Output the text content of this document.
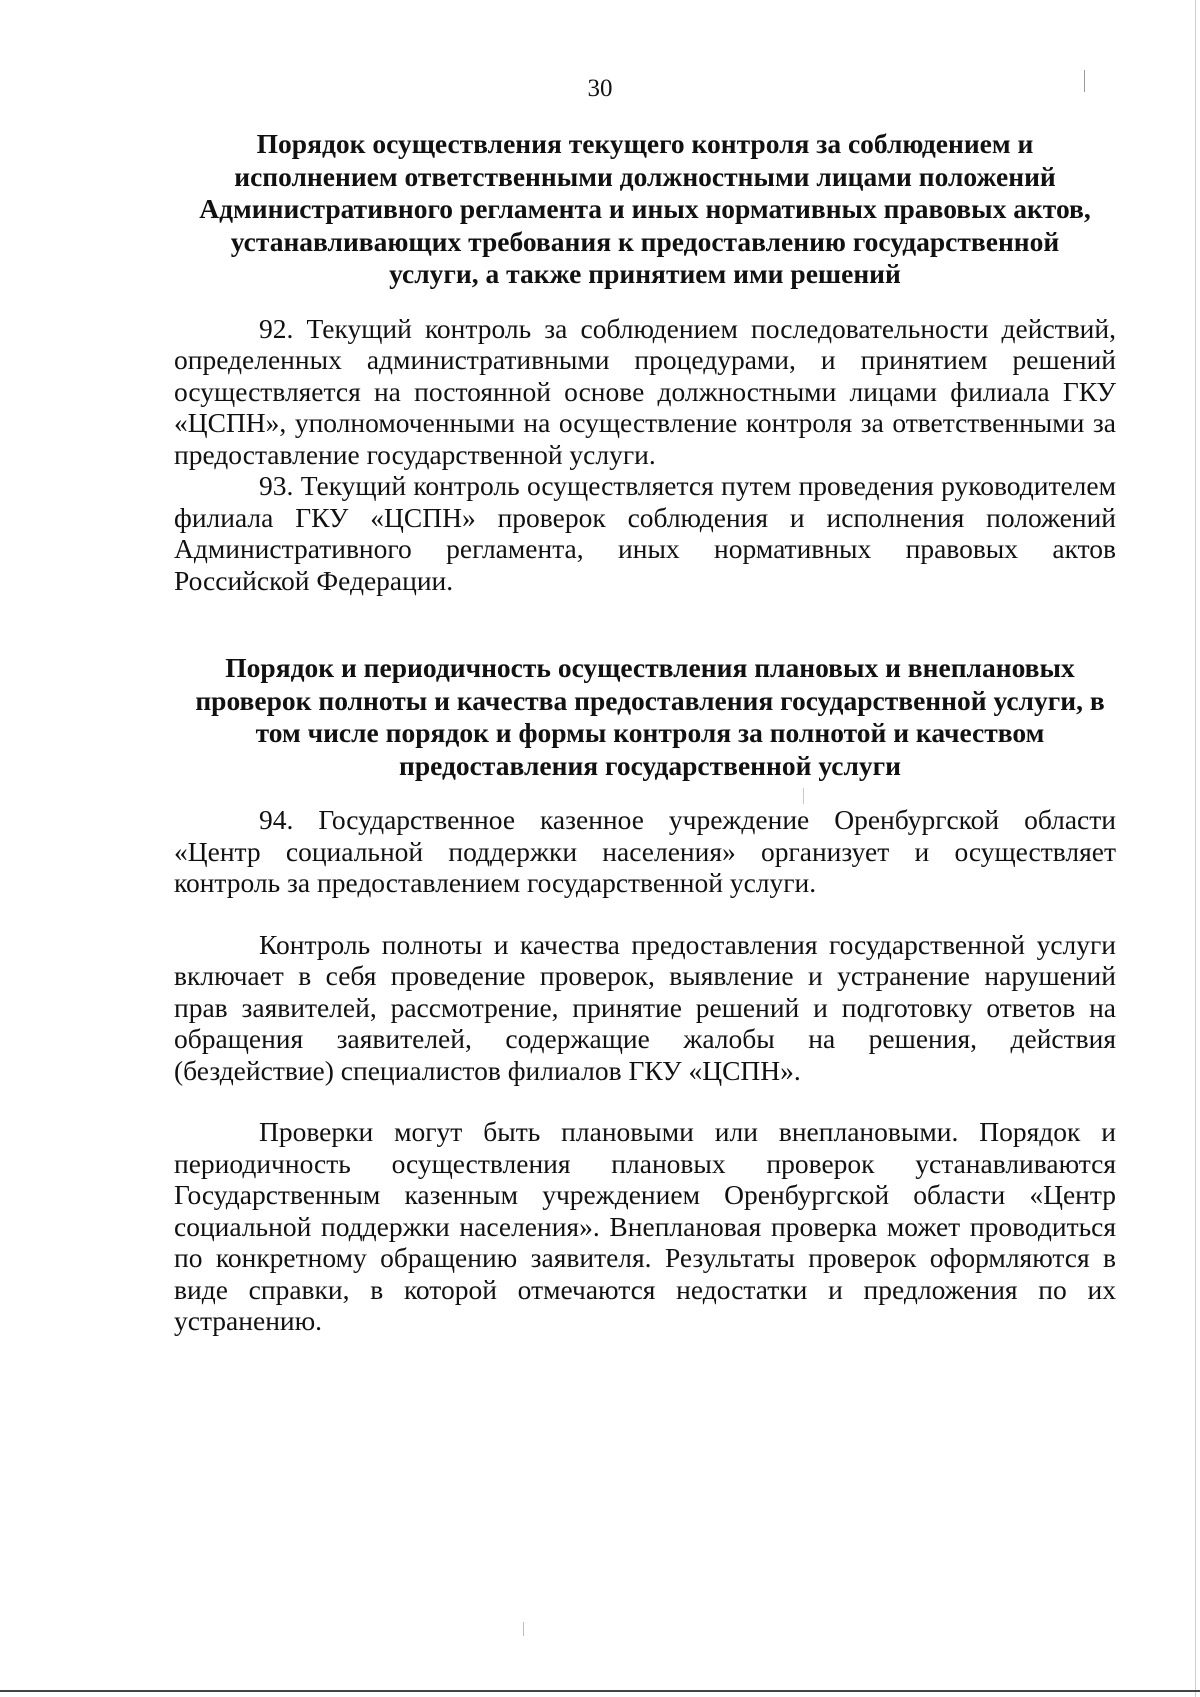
30
Порядок осуществления текущего контроля за соблюдением и исполнением ответственными должностными лицами положений Административного регламента и иных нормативных правовых актов, устанавливающих требования к предоставлению государственной услуги, а также принятием ими решений

92. Текущий контроль за соблюдением последовательности действий, определенных административными процедурами, и принятием решений осуществляется на постоянной основе должностными лицами филиала ГКУ «ЦСПН», уполномоченными на осуществление контроля за ответственными за предоставление государственной услуги.

93. Текущий контроль осуществляется путем проведения руководителем филиала ГКУ «ЦСПН» проверок соблюдения и исполнения положений Административного регламента, иных нормативных правовых актов Российской Федерации.

Порядок и периодичность осуществления плановых и внеплановых проверок полноты и качества предоставления государственной услуги, в том числе порядок и формы контроля за полнотой и качеством предоставления государственной услуги

94. Государственное казенное учреждение Оренбургской области «Центр социальной поддержки населения» организует и осуществляет контроль за предоставлением государственной услуги.

Контроль полноты и качества предоставления государственной услуги включает в себя проведение проверок, выявление и устранение нарушений прав заявителей, рассмотрение, принятие решений и подготовку ответов на обращения заявителей, содержащие жалобы на решения, действия (бездействие) специалистов филиалов ГКУ «ЦСПН».

Проверки могут быть плановыми или внеплановыми. Порядок и периодичность осуществления плановых проверок устанавливаются Государственным казенным учреждением Оренбургской области «Центр социальной поддержки населения». Внеплановая проверка может проводиться по конкретному обращению заявителя. Результаты проверок оформляются в виде справки, в которой отмечаются недостатки и предложения по их устранению.
